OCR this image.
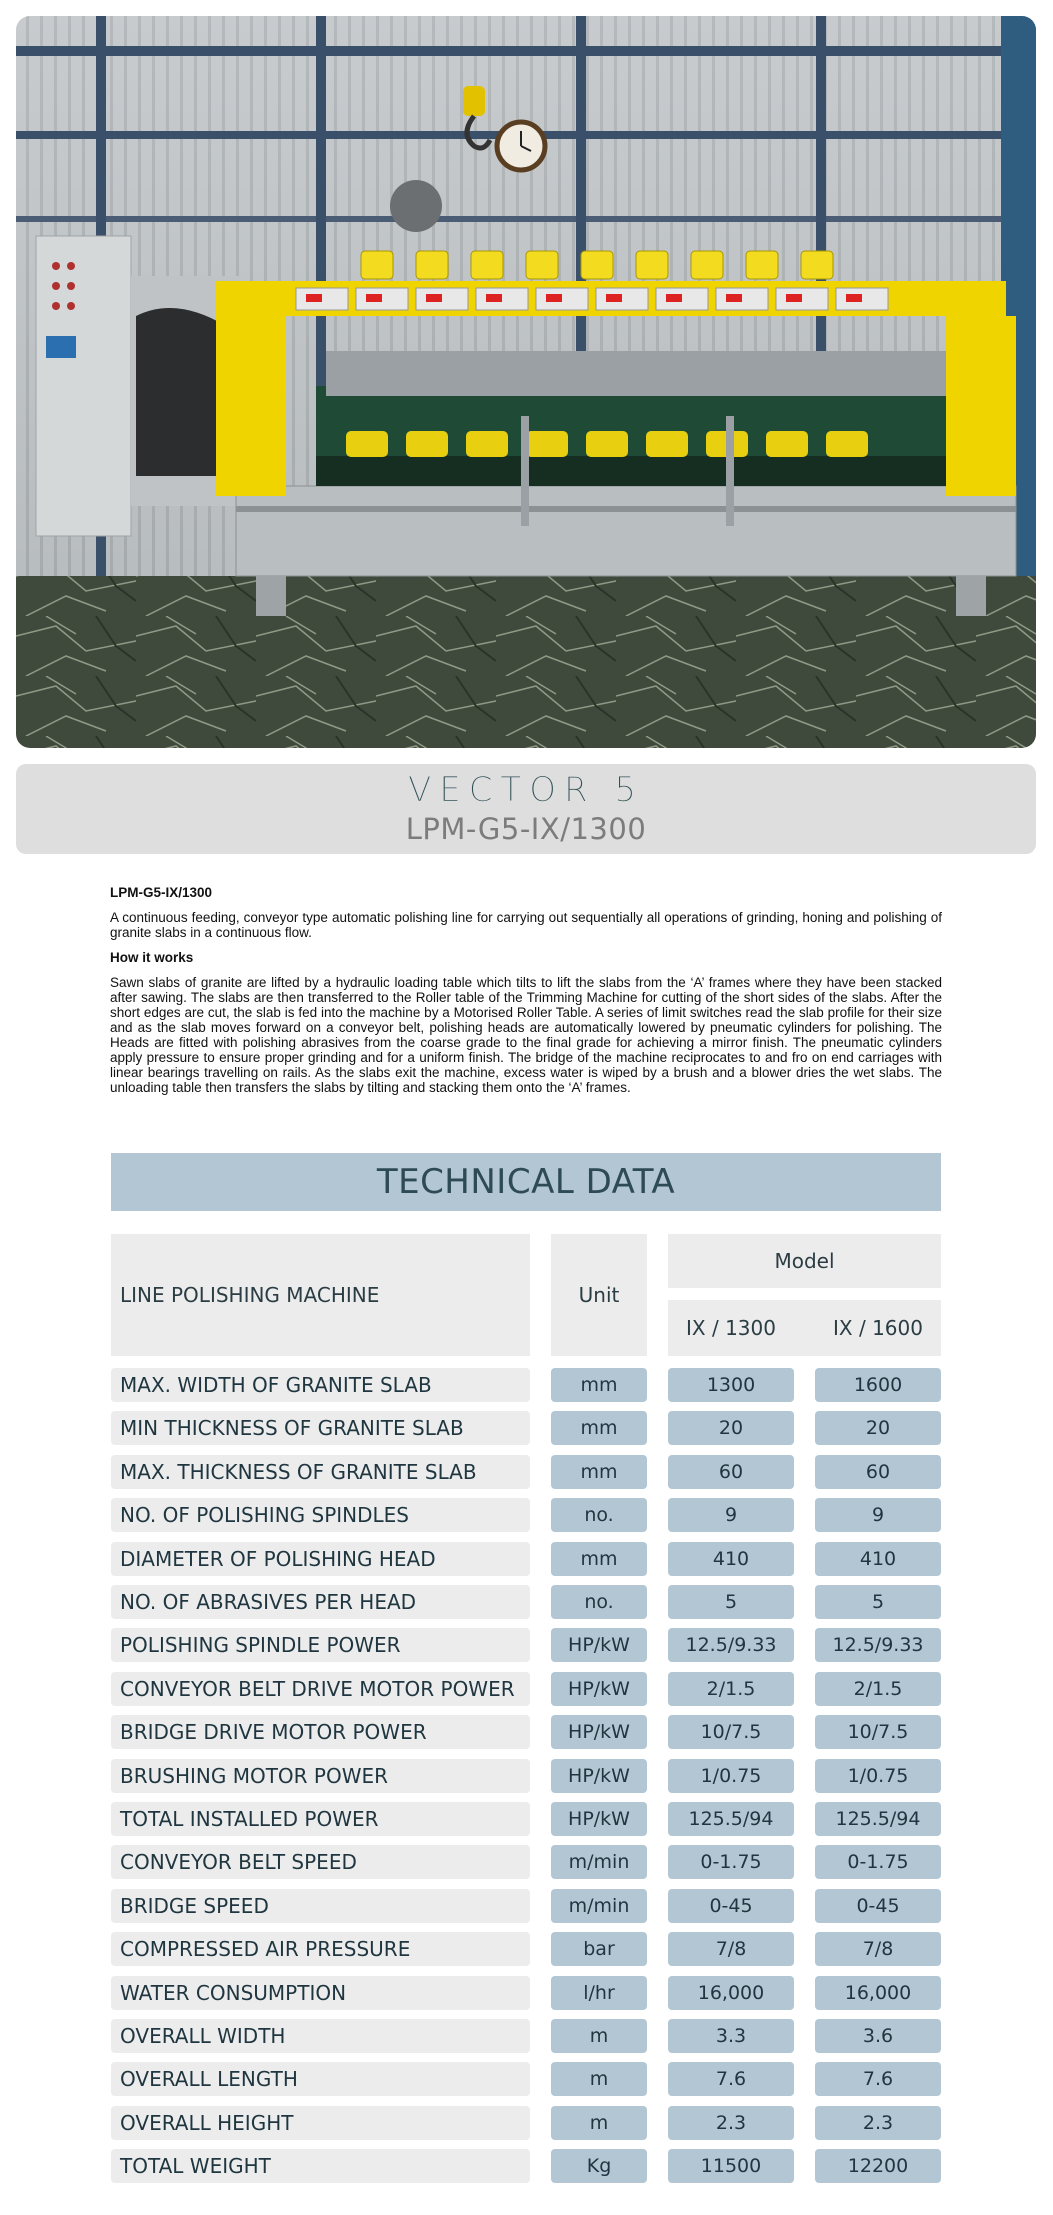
VECTOR 5
LPM-G5-IX/1300
LPM-G5-IX/1300

A continuous feeding, conveyor type automatic polishing line for carrying out sequentially all operations of grinding, honing and polishing of granite slabs in a continuous flow.

How it works

Sawn slabs of granite are lifted by a hydraulic loading table which tilts to lift the slabs from the ‘A’ frames where they have been stacked after sawing. The slabs are then transferred to the Roller table of the Trimming Machine for cutting of the short sides of the slabs. After the short edges are cut, the slab is fed into the machine by a Motorised Roller Table. A series of limit switches read the slab profile for their size and as the slab moves forward on a conveyor belt, polishing heads are automatically lowered by pneumatic cylinders for polishing. The Heads are fitted with polishing abrasives from the coarse grade to the final grade for achieving a mirror finish. The pneumatic cylinders apply pressure to ensure proper grinding and for a uniform finish. The bridge of the machine reciprocates to and fro on end carriages with linear bearings travelling on rails. As the slabs exit the machine, excess water is wiped by a brush and a blower dries the wet slabs. The unloading table then transfers the slabs by tilting and stacking them onto the ‘A’ frames.

TECHNICAL DATA
LINE POLISHING MACHINE	Unit
Model
IX / 1300	IX / 1600
MAX. WIDTH OF GRANITE SLAB	mm	1300	1600
MIN THICKNESS OF GRANITE SLAB	mm	20	20
MAX. THICKNESS OF GRANITE SLAB	mm	60	60
NO. OF POLISHING SPINDLES	no.	9	9
DIAMETER OF POLISHING HEAD	mm	410	410
NO. OF ABRASIVES PER HEAD	no.	5	5
POLISHING SPINDLE POWER	HP/kW	12.5/9.33	12.5/9.33
CONVEYOR BELT DRIVE MOTOR POWER	HP/kW	2/1.5	2/1.5
BRIDGE DRIVE MOTOR POWER	HP/kW	10/7.5	10/7.5
BRUSHING MOTOR POWER	HP/kW	1/0.75	1/0.75
TOTAL INSTALLED POWER	HP/kW	125.5/94	125.5/94
CONVEYOR BELT SPEED	m/min	0-1.75	0-1.75
BRIDGE SPEED	m/min	0-45	0-45
COMPRESSED AIR PRESSURE	bar	7/8	7/8
WATER CONSUMPTION	l/hr	16,000	16,000
OVERALL WIDTH	m	3.3	3.6
OVERALL LENGTH	m	7.6	7.6
OVERALL HEIGHT	m	2.3	2.3
TOTAL WEIGHT	Kg	11500	12200
